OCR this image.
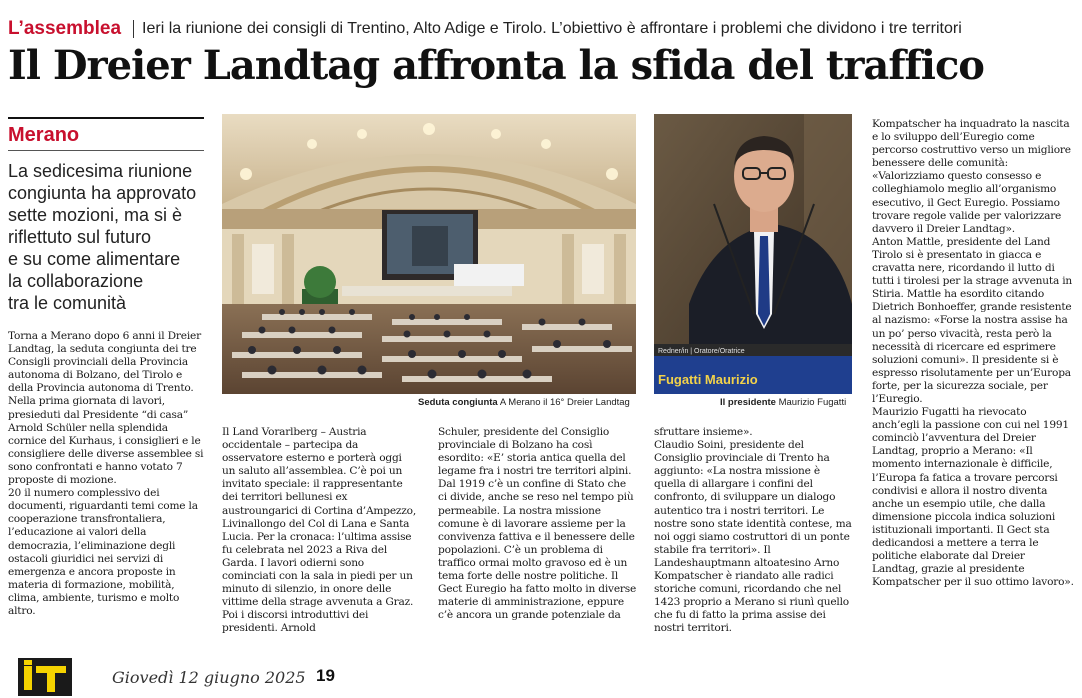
L’assemblea Ieri la riunione dei consigli di Trentino, Alto Adige e Tirolo. L’obiettivo è affrontare i problemi che dividono i tre territori
Il Dreier Landtag affronta la sfida del traffico
Merano
La sedicesima riunione
congiunta ha approvato
sette mozioni, ma si è
riflettuto sul futuro
e su come alimentare
la collaborazione
tra le comunità

Torna a Merano dopo 6 anni il Dreier Landtag, la seduta congiunta dei tre Consigli provinciali della Provincia autonoma di Bolzano, del Tirolo e della Provincia autonoma di Trento. Nella prima giornata di lavori, presieduti dal Presidente “di casa” Arnold Schüler nella splendida cornice del Kurhaus, i consiglieri e le consigliere delle diverse assemblee si sono confrontati e hanno votato 7 proposte di mozione.

20 il numero complessivo dei documenti, riguardanti temi come la cooperazione transfrontaliera, l’educazione ai valori della democrazia, l’eliminazione degli ostacoli giuridici nei servizi di emergenza e ancora proposte in materia di formazione, mobilità, clima, ambiente, turismo e molto altro.

Seduta congiunta A Merano il 16° Dreier Landtag
Redner/in | Oratore/Oratrice
Fugatti Maurizio
Il presidente Maurizio Fugatti

Il Land Vorarlberg – Austria occidentale – partecipa da osservatore esterno e porterà oggi un saluto all’assemblea. C’è poi un invitato speciale: il rappresentante dei territori bellunesi ex austroungarici di Cortina d’Ampezzo, Livinallongo del Col di Lana e Santa Lucia. Per la cronaca: l’ultima assise fu celebrata nel 2023 a Riva del Garda. I lavori odierni sono cominciati con la sala in piedi per un minuto di silenzio, in onore delle vittime della strage avvenuta a Graz. Poi i discorsi introduttivi dei presidenti. Arnold

Schuler, presidente del Consiglio provinciale di Bolzano ha così esordito: «E’ storia antica quella del legame fra i nostri tre territori alpini. Dal 1919 c’è un confine di Stato che ci divide, anche se reso nel tempo più permeabile. La nostra missione comune è di lavorare assieme per la convivenza fattiva e il benessere delle popolazioni. C’è un problema di traffico ormai molto gravoso ed è un tema forte delle nostre politiche. Il Gect Euregio ha fatto molto in diverse materie di amministrazione, eppure c’è ancora un grande potenziale da

sfruttare insieme».

Claudio Soini, presidente del Consiglio provinciale di Trento ha aggiunto: «La nostra missione è quella di allargare i confini del confronto, di sviluppare un dialogo autentico tra i nostri territori. Le nostre sono state identità contese, ma noi oggi siamo costruttori di un ponte stabile fra territori». Il Landeshauptmann altoatesino Arno Kompatscher è riandato alle radici storiche comuni, ricordando che nel 1423 proprio a Merano si riunì quello che fu di fatto la prima assise dei nostri territori.

Kompatscher ha inquadrato la nascita e lo sviluppo dell’Euregio come percorso costruttivo verso un migliore benessere delle comunità: «Valorizziamo questo consesso e colleghiamolo meglio all’organismo esecutivo, il Gect Euregio. Possiamo trovare regole valide per valorizzare davvero il Dreier Landtag».

Anton Mattle, presidente del Land Tirolo si è presentato in giacca e cravatta nere, ricordando il lutto di tutti i tirolesi per la strage avvenuta in Stiria. Mattle ha esordito citando Dietrich Bonhoeffer, grande resistente al nazismo: «Forse la nostra assise ha un po’ perso vivacità, resta però la necessità di ricercare ed esprimere soluzioni comuni». Il presidente si è espresso risolutamente per un’Europa forte, per la sicurezza sociale, per l’Euregio.

Maurizio Fugatti ha rievocato anch’egli la passione con cui nel 1991 cominciò l’avventura del Dreier Landtag, proprio a Merano: «Il momento internazionale è difficile, l’Europa fa fatica a trovare percorsi condivisi e allora il nostro diventa anche un esempio utile, che dalla dimensione piccola indica soluzioni istituzionali importanti. Il Gect sta dedicandosi a mettere a terra le politiche elaborate dal Dreier Landtag, grazie al presidente Kompatscher per il suo ottimo lavoro».

Giovedì 12 giugno 2025 19
